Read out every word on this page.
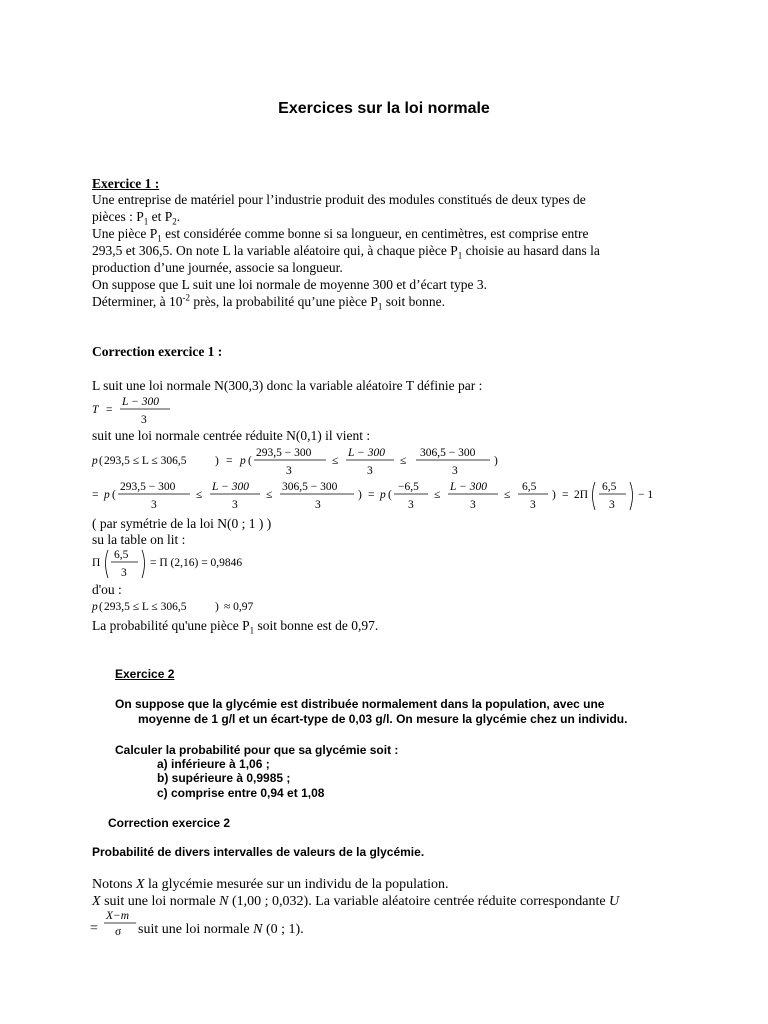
Exercices sur la loi normale
Exercice 1 :
Une entreprise de matériel pour l’industrie produit des modules constitués de deux types de
pièces : $P_1$ et $P_2$.
Une pièce $P_1$ est considérée comme bonne si sa longueur, en centimètres, est comprise entre
293,5 et 306,5. On note L la variable aléatoire qui, à chaque pièce $P_1$ choisie au hasard dans la
production d’une journée, associe sa longueur.
On suppose que L suit une loi normale de moyenne 300 et d’écart type 3.
Déterminer, à $10^{-2}$ près, la probabilité qu’une pièce $P_1$ soit bonne.
Correction exercice 1 :
L suit une loi normale N(300,3) donc la variable aléatoire T définie par :
T =
L − 300
3
suit une loi normale centrée réduite N(0,1) il vient :
p ( 293,5 ≤ L ≤ 306,5 ) = p (
293,5 − 300
3
≤
L − 300
3
≤
306,5 − 300
3
)
= p (
293,5 − 300
3
≤
L − 300
3
≤
306,5 − 300
3
) = p (
−6,5
3
≤
L − 300
3
≤
6,5
3
) = 2Π
6,5
3
− 1
( par symétrie de la loi N(0 ; 1 ) )
su la table on lit :
Π
6,5
3
= Π (2,16) = 0,9846
d'ou :
p ( 293,5 ≤ L ≤ 306,5 ) ≈ 0,97
La probabilité qu'une pièce $P_1$ soit bonne est de 0,97.
Exercice 2
On suppose que la glycémie est distribuée normalement dans la population, avec une
moyenne de 1 g/l et un écart-type de 0,03 g/l. On mesure la glycémie chez un individu.
Calculer la probabilité pour que sa glycémie soit :
a) inférieure à 1,06 ;
b) supérieure à 0,9985 ;
c) comprise entre 0,94 et 1,08
Correction exercice 2
Probabilité de divers intervalles de valeurs de la glycémie.
Notons X la glycémie mesurée sur un individu de la population.
X suit une loi normale N (1,00 ; 0,032). La variable aléatoire centrée réduite correspondante U
=
X−m
σ suit une loi normale N (0 ; 1).
